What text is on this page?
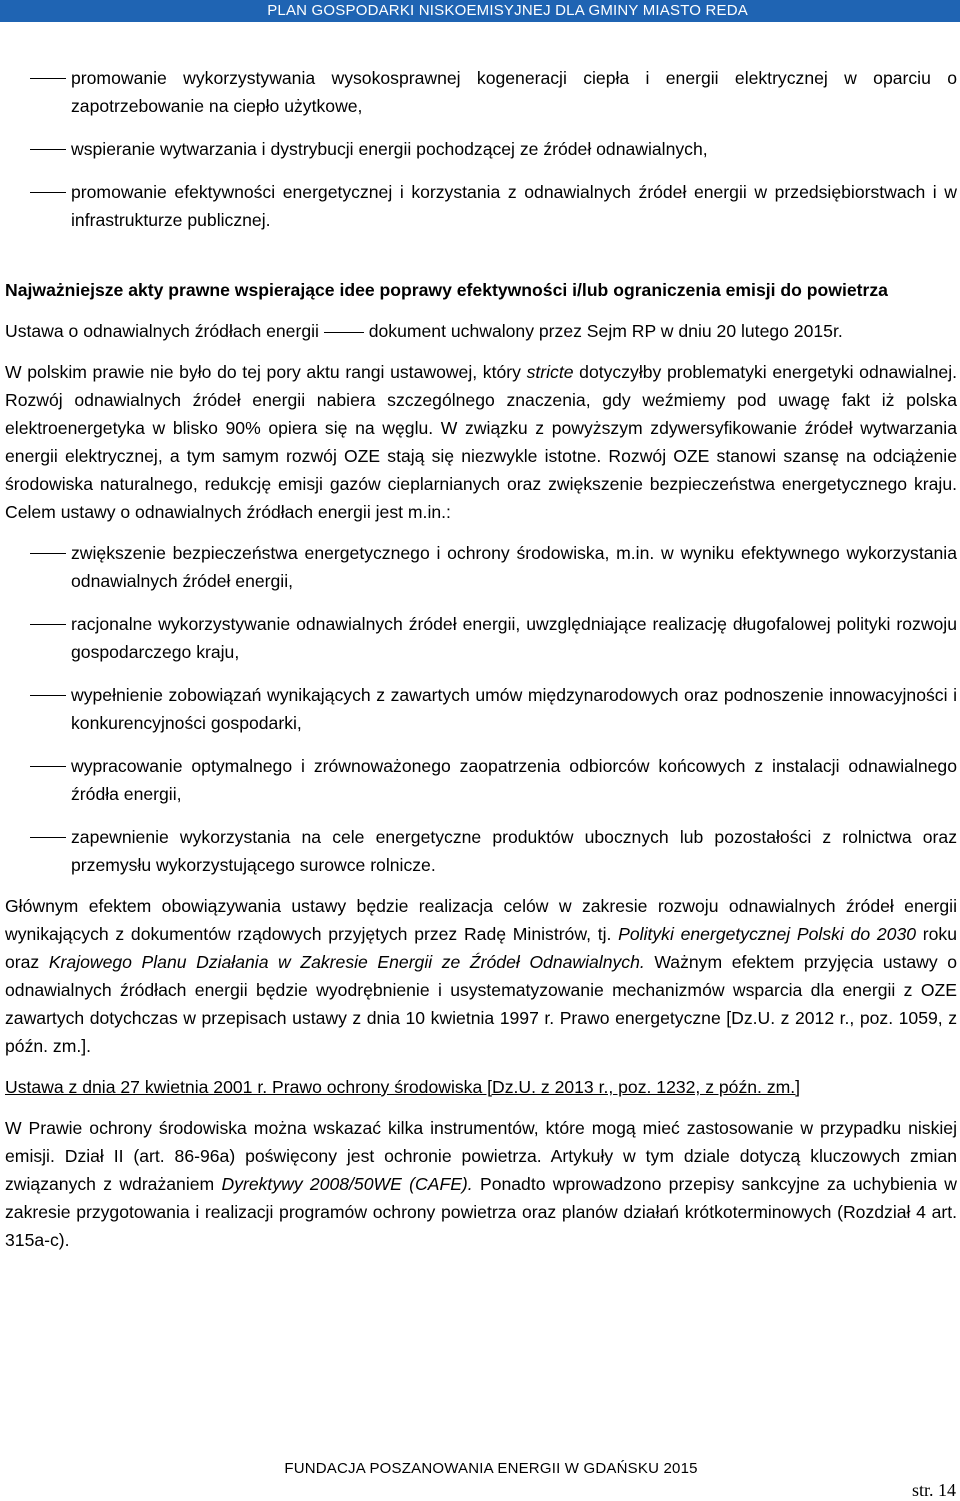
PLAN GOSPODARKI NISKOEMISYJNEJ DLA GMINY MIASTO REDA

promowanie wykorzystywania wysokosprawnej kogeneracji ciepła i energii elektrycznej w oparciu o zapotrzebowanie na ciepło użytkowe,

wspieranie wytwarzania i dystrybucji energii pochodzącej ze źródeł odnawialnych,

promowanie efektywności energetycznej i korzystania z odnawialnych źródeł energii w przedsiębiorstwach i w infrastrukturze publicznej.

Najważniejsze akty prawne wspierające idee poprawy efektywności i/lub ograniczenia emisji do powietrza

Ustawa o odnawialnych źródłach energii	dokument uchwalony przez Sejm RP w dniu 20 lutego 2015r.

W polskim prawie nie było do tej pory aktu rangi ustawowej, który stricte dotyczyłby problematyki energetyki odnawialnej. Rozwój odnawialnych źródeł energii nabiera szczególnego znaczenia, gdy weźmiemy pod uwagę fakt iż polska elektroenergetyka w blisko 90% opiera się na węglu. W związku z powyższym zdywersyfikowanie źródeł wytwarzania energii elektrycznej, a tym samym rozwój OZE stają się niezwykle istotne. Rozwój OZE stanowi szansę na odciążenie środowiska naturalnego, redukcję emisji gazów cieplarnianych oraz zwiększenie bezpieczeństwa energetycznego kraju. Celem ustawy o odnawialnych źródłach energii jest m.in.:

zwiększenie bezpieczeństwa energetycznego i ochrony środowiska, m.in. w wyniku efektywnego wykorzystania odnawialnych źródeł energii,

racjonalne wykorzystywanie odnawialnych źródeł energii, uwzględniające realizację długofalowej polityki rozwoju gospodarczego kraju,

wypełnienie zobowiązań wynikających z zawartych umów międzynarodowych oraz podnoszenie innowacyjności i konkurencyjności gospodarki,

wypracowanie optymalnego i zrównoważonego zaopatrzenia odbiorców końcowych z instalacji odnawialnego źródła energii,

zapewnienie wykorzystania na cele energetyczne produktów ubocznych lub pozostałości z rolnictwa oraz przemysłu wykorzystującego surowce rolnicze.

Głównym efektem obowiązywania ustawy będzie realizacja celów w zakresie rozwoju odnawialnych źródeł energii wynikających z dokumentów rządowych przyjętych przez Radę Ministrów, tj. Polityki energetycznej Polski do 2030 roku oraz Krajowego Planu Działania w Zakresie Energii ze Źródeł Odnawialnych. Ważnym efektem przyjęcia ustawy o odnawialnych źródłach energii będzie wyodrębnienie i usystematyzowanie mechanizmów wsparcia dla energii z OZE zawartych dotychczas w przepisach ustawy z dnia 10 kwietnia 1997 r. Prawo energetyczne [Dz.U. z 2012 r., poz. 1059, z późn. zm.].

Ustawa z dnia 27 kwietnia 2001 r. Prawo ochrony środowiska [Dz.U. z 2013 r., poz. 1232, z późn. zm.]

W Prawie ochrony środowiska można wskazać kilka instrumentów, które mogą mieć zastosowanie w przypadku niskiej emisji. Dział II (art. 86-96a) poświęcony jest ochronie powietrza. Artykuły w tym dziale dotyczą kluczowych zmian związanych z wdrażaniem Dyrektywy 2008/50WE (CAFE). Ponadto wprowadzono przepisy sankcyjne za uchybienia w zakresie przygotowania i realizacji programów ochrony powietrza oraz planów działań krótkoterminowych (Rozdział 4 art. 315a-c).

FUNDACJA POSZANOWANIA ENERGII W GDAŃSKU 2015
str. 14
